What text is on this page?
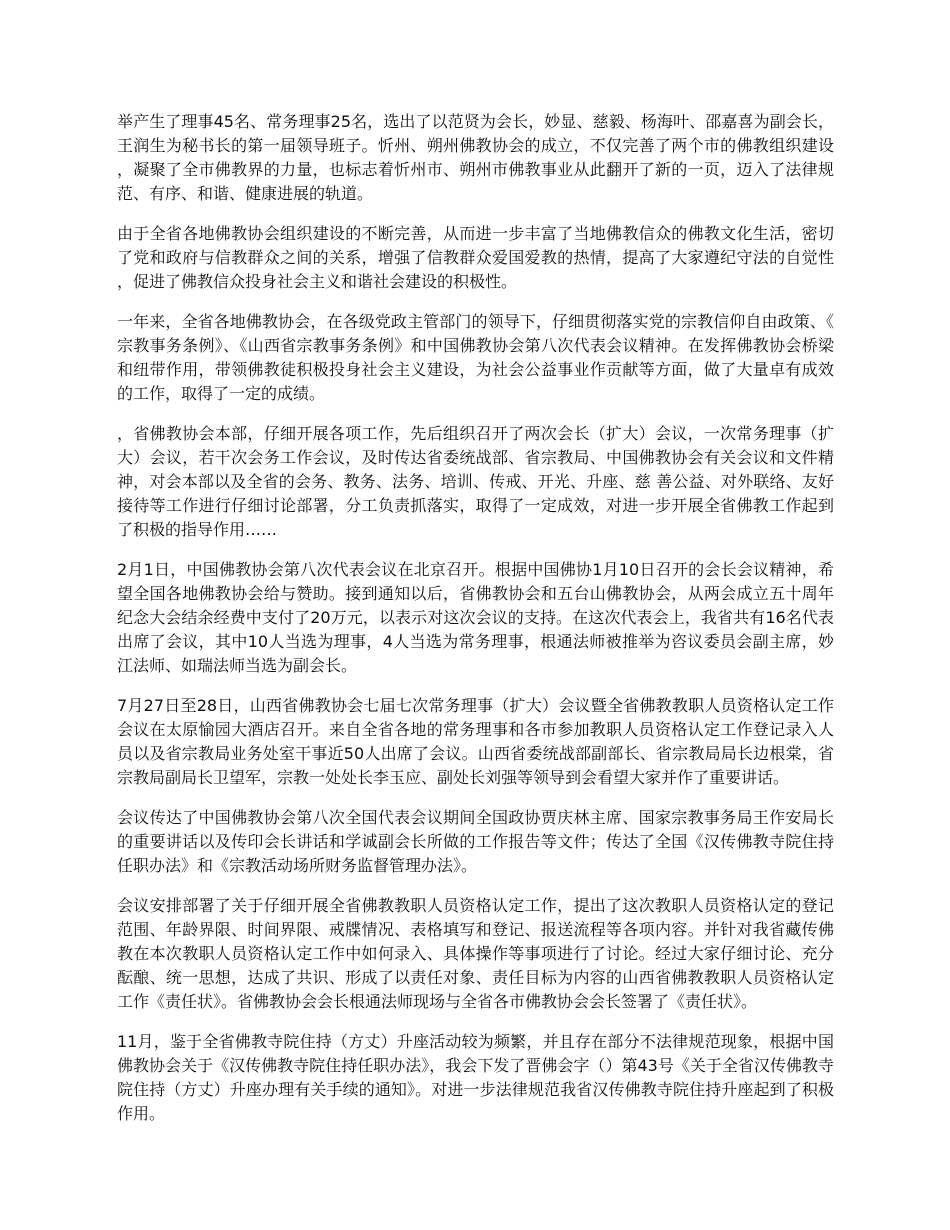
举产生了理事45名、常务理事25名，选出了以范贤为会长，妙显、慈毅、杨海叶、邵嘉喜为副会长，王润生为秘书长的第一届领导班子。忻州、朔州佛教协会的成立，不仅完善了两个市的佛教组织建设，凝聚了全市佛教界的力量，也标志着忻州市、朔州市佛教事业从此翻开了新的一页，迈入了法律规范、有序、和谐、健康进展的轨道。

由于全省各地佛教协会组织建设的不断完善，从而进一步丰富了当地佛教信众的佛教文化生活，密切了党和政府与信教群众之间的关系，增强了信教群众爱国爱教的热情，提高了大家遵纪守法的自觉性，促进了佛教信众投身社会主义和谐社会建设的积极性。

一年来，全省各地佛教协会，在各级党政主管部门的领导下，仔细贯彻落实党的宗教信仰自由政策、《宗教事务条例》、《山西省宗教事务条例》和中国佛教协会第八次代表会议精神。在发挥佛教协会桥梁和纽带作用，带领佛教徒积极投身社会主义建设，为社会公益事业作贡献等方面，做了大量卓有成效的工作，取得了一定的成绩。

，省佛教协会本部，仔细开展各项工作，先后组织召开了两次会长（扩大）会议，一次常务理事（扩大）会议，若干次会务工作会议，及时传达省委统战部、省宗教局、中国佛教协会有关会议和文件精神，对会本部以及全省的会务、教务、法务、培训、传戒、开光、升座、慈 善公益、对外联络、友好接待等工作进行仔细讨论部署，分工负责抓落实，取得了一定成效，对进一步开展全省佛教工作起到了积极的指导作用……

2月1日，中国佛教协会第八次代表会议在北京召开。根据中国佛协1月10日召开的会长会议精神，希望全国各地佛教协会给与赞助。接到通知以后，省佛教协会和五台山佛教协会，从两会成立五十周年纪念大会结余经费中支付了20万元，以表示对这次会议的支持。在这次代表会上，我省共有16名代表出席了会议，其中10人当选为理事，4人当选为常务理事，根通法师被推举为咨议委员会副主席，妙江法师、如瑞法师当选为副会长。

7月27日至28日，山西省佛教协会七届七次常务理事（扩大）会议暨全省佛教教职人员资格认定工作会议在太原愉园大酒店召开。来自全省各地的常务理事和各市参加教职人员资格认定工作登记录入人员以及省宗教局业务处室干事近50人出席了会议。山西省委统战部副部长、省宗教局局长边根棠，省宗教局副局长卫望军，宗教一处处长李玉应、副处长刘强等领导到会看望大家并作了重要讲话。

会议传达了中国佛教协会第八次全国代表会议期间全国政协贾庆林主席、国家宗教事务局王作安局长的重要讲话以及传印会长讲话和学诚副会长所做的工作报告等文件；传达了全国《汉传佛教寺院住持任职办法》和《宗教活动场所财务监督管理办法》。

会议安排部署了关于仔细开展全省佛教教职人员资格认定工作，提出了这次教职人员资格认定的登记范围、年龄界限、时间界限、戒牒情况、表格填写和登记、报送流程等各项内容。并针对我省藏传佛教在本次教职人员资格认定工作中如何录入、具体操作等事项进行了讨论。经过大家仔细讨论、充分酝酿、统一思想，达成了共识、形成了以责任对象、责任目标为内容的山西省佛教教职人员资格认定工作《责任状》。省佛教协会会长根通法师现场与全省各市佛教协会会长签署了《责任状》。

11月，鉴于全省佛教寺院住持（方丈）升座活动较为频繁，并且存在部分不法律规范现象，根据中国佛教协会关于《汉传佛教寺院住持任职办法》，我会下发了晋佛会字（）第43号《关于全省汉传佛教寺院住持（方丈）升座办理有关手续的通知》。对进一步法律规范我省汉传佛教寺院住持升座起到了积极作用。
